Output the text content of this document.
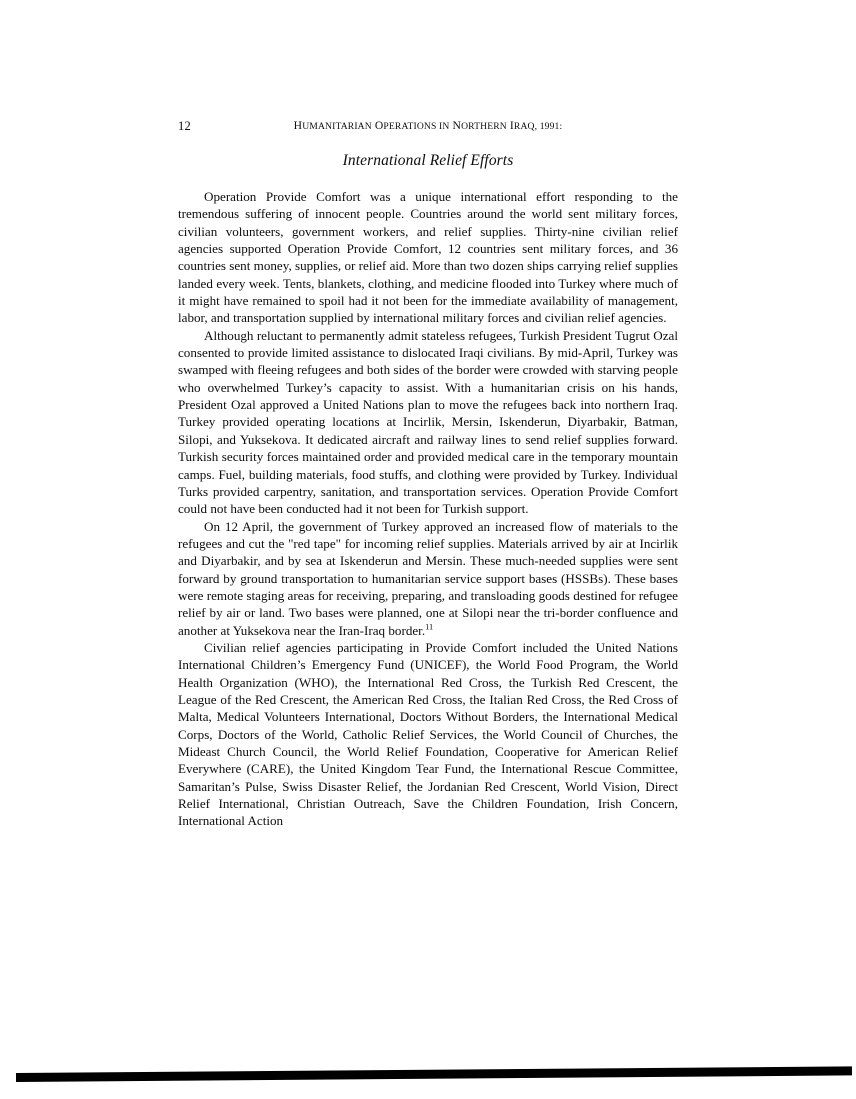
12	HUMANITARIAN OPERATIONS IN NORTHERN IRAQ, 1991:
International Relief Efforts

Operation Provide Comfort was a unique international effort responding to the tremendous suffering of innocent people. Countries around the world sent military forces, civilian volunteers, government workers, and relief supplies. Thirty-nine civilian relief agencies supported Operation Provide Comfort, 12 countries sent military forces, and 36 countries sent money, supplies, or relief aid. More than two dozen ships carrying relief supplies landed every week. Tents, blankets, clothing, and medicine flooded into Turkey where much of it might have remained to spoil had it not been for the immediate availability of management, labor, and transportation supplied by international military forces and civilian relief agencies.

Although reluctant to permanently admit stateless refugees, Turkish President Tugrut Ozal consented to provide limited assistance to dislocated Iraqi civilians. By mid-April, Turkey was swamped with fleeing refugees and both sides of the border were crowded with starving people who overwhelmed Turkey’s capacity to assist. With a humanitarian crisis on his hands, President Ozal approved a United Nations plan to move the refugees back into northern Iraq. Turkey provided operating locations at Incirlik, Mersin, Iskenderun, Diyarbakir, Batman, Silopi, and Yuksekova. It dedicated aircraft and railway lines to send relief supplies forward. Turkish security forces maintained order and provided medical care in the temporary mountain camps. Fuel, building materials, food stuffs, and clothing were provided by Turkey. Individual Turks provided carpentry, sanitation, and transportation services. Operation Provide Comfort could not have been conducted had it not been for Turkish support.

On 12 April, the government of Turkey approved an increased flow of materials to the refugees and cut the "red tape" for incoming relief supplies. Materials arrived by air at Incirlik and Diyarbakir, and by sea at Iskenderun and Mersin. These much-needed supplies were sent forward by ground transportation to humanitarian service support bases (HSSBs). These bases were remote staging areas for receiving, preparing, and transloading goods destined for refugee relief by air or land. Two bases were planned, one at Silopi near the tri-border confluence and another at Yuksekova near the Iran-Iraq border.$^{11}$

Civilian relief agencies participating in Provide Comfort included the United Nations International Children’s Emergency Fund (UNICEF), the World Food Program, the World Health Organization (WHO), the International Red Cross, the Turkish Red Crescent, the League of the Red Crescent, the American Red Cross, the Italian Red Cross, the Red Cross of Malta, Medical Volunteers International, Doctors Without Borders, the International Medical Corps, Doctors of the World, Catholic Relief Services, the World Council of Churches, the Mideast Church Council, the World Relief Foundation, Cooperative for American Relief Everywhere (CARE), the United Kingdom Tear Fund, the International Rescue Committee, Samaritan’s Pulse, Swiss Disaster Relief, the Jordanian Red Crescent, World Vision, Direct Relief International, Christian Outreach, Save the Children Foundation, Irish Concern, International Action
